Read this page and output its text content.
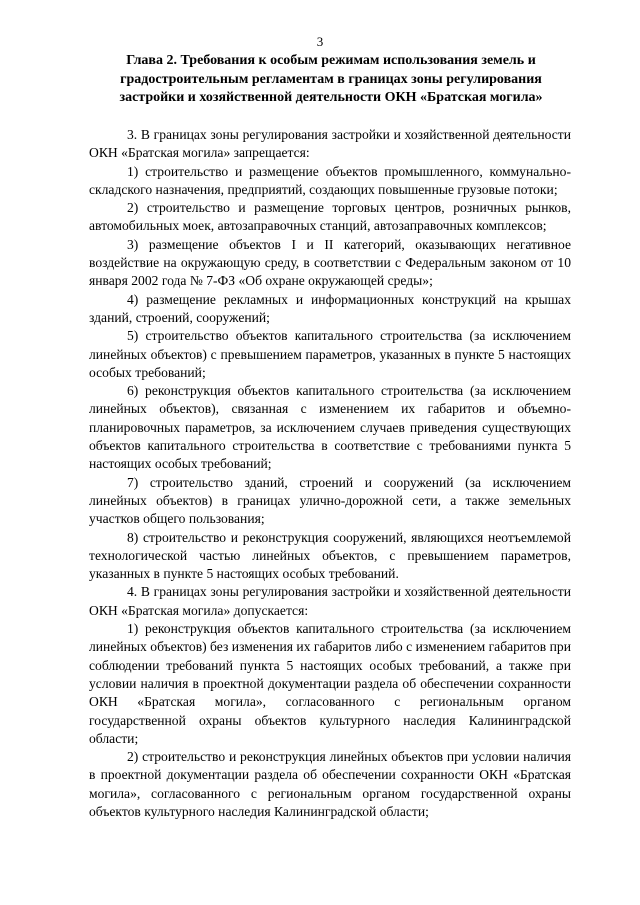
3
Глава 2. Требования к особым режимам использования земель и градостроительным регламентам в границах зоны регулирования застройки и хозяйственной деятельности ОКН «Братская могила»

3. В границах зоны регулирования застройки и хозяйственной деятельности ОКН «Братская могила» запрещается:

1) строительство и размещение объектов промышленного, коммунально-складского назначения, предприятий, создающих повышенные грузовые потоки;

2) строительство и размещение торговых центров, розничных рынков, автомобильных моек, автозаправочных станций, автозаправочных комплексов;

3) размещение объектов I и II категорий, оказывающих негативное воздействие на окружающую среду, в соответствии с Федеральным законом от 10 января 2002 года № 7-ФЗ «Об охране окружающей среды»;

4) размещение рекламных и информационных конструкций на крышах зданий, строений, сооружений;

5) строительство объектов капитального строительства (за исключением линейных объектов) с превышением параметров, указанных в пункте 5 настоящих особых требований;

6) реконструкция объектов капитального строительства (за исключением линейных объектов), связанная с изменением их габаритов и объемно-планировочных параметров, за исключением случаев приведения существующих объектов капитального строительства в соответствие с требованиями пункта 5 настоящих особых требований;

7) строительство зданий, строений и сооружений (за исключением линейных объектов) в границах улично-дорожной сети, а также земельных участков общего пользования;

8) строительство и реконструкция сооружений, являющихся неотъемлемой технологической частью линейных объектов, с превышением параметров, указанных в пункте 5 настоящих особых требований.

4. В границах зоны регулирования застройки и хозяйственной деятельности ОКН «Братская могила» допускается:

1) реконструкция объектов капитального строительства (за исключением линейных объектов) без изменения их габаритов либо с изменением габаритов при соблюдении требований пункта 5 настоящих особых требований, а также при условии наличия в проектной документации раздела об обеспечении сохранности ОКН «Братская могила», согласованного с региональным органом государственной охраны объектов культурного наследия Калининградской области;

2) строительство и реконструкция линейных объектов при условии наличия в проектной документации раздела об обеспечении сохранности ОКН «Братская могила», согласованного с региональным органом государственной охраны объектов культурного наследия Калининградской области;
